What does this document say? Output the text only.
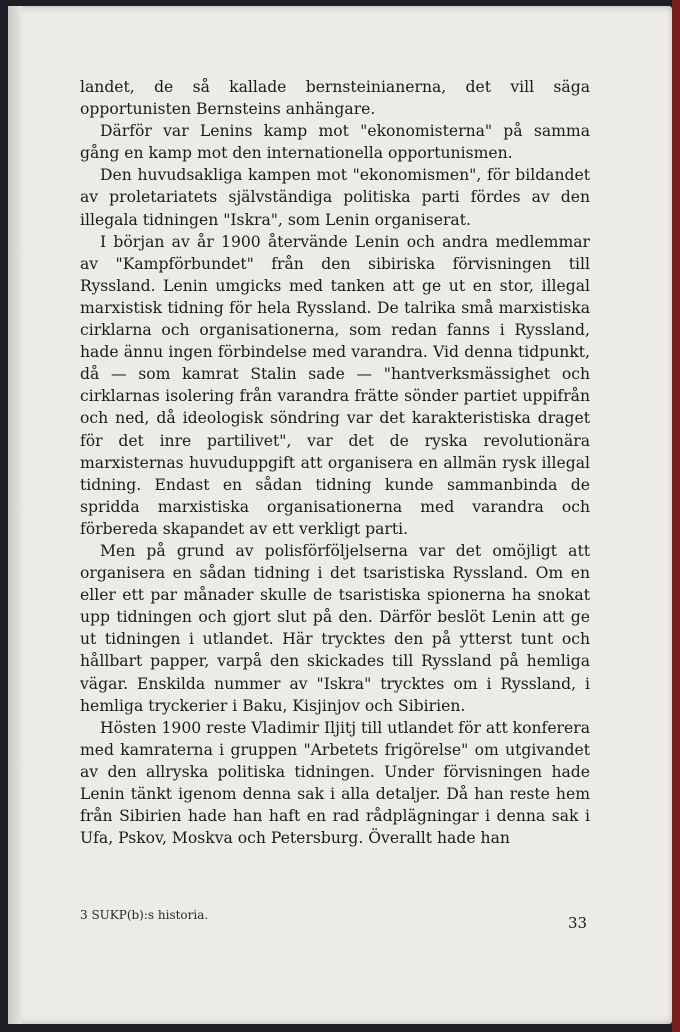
landet, de så kallade bernsteinianerna, det vill säga opportunisten Bernsteins anhängare.

Därför var Lenins kamp mot "ekonomisterna" på samma gång en kamp mot den internationella opportunismen.

Den huvudsakliga kampen mot "ekonomismen", för bildandet av proletariatets självständiga politiska parti fördes av den illegala tidningen "Iskra", som Lenin organiserat.

I början av år 1900 återvände Lenin och andra medlemmar av "Kampförbundet" från den sibiriska förvisningen till Ryssland. Lenin umgicks med tanken att ge ut en stor, illegal marxistisk tidning för hela Ryssland. De talrika små marxistiska cirklarna och organisationerna, som redan fanns i Ryssland, hade ännu ingen förbindelse med varandra. Vid denna tidpunkt, då — som kamrat Stalin sade — "hantverksmässighet och cirklarnas isolering från varandra frätte sönder partiet uppifrån och ned, då ideologisk söndring var det karakteristiska draget för det inre partilivet", var det de ryska revolutionära marxisternas huvuduppgift att organisera en allmän rysk illegal tidning. Endast en sådan tidning kunde sammanbinda de spridda marxistiska organisationerna med varandra och förbereda skapandet av ett verkligt parti.

Men på grund av polisförföljelserna var det omöjligt att organisera en sådan tidning i det tsaristiska Ryssland. Om en eller ett par månader skulle de tsaristiska spionerna ha snokat upp tidningen och gjort slut på den. Därför beslöt Lenin att ge ut tidningen i utlandet. Här trycktes den på ytterst tunt och hållbart papper, varpå den skickades till Ryssland på hemliga vägar. Enskilda nummer av "Iskra" trycktes om i Ryssland, i hemliga tryckerier i Baku, Kisjinjov och Sibirien.

Hösten 1900 reste Vladimir Iljitj till utlandet för att konferera med kamraterna i gruppen "Arbetets frigörelse" om utgivandet av den allryska politiska tidningen. Under förvisningen hade Lenin tänkt igenom denna sak i alla detaljer. Då han reste hem från Sibirien hade han haft en rad rådplägningar i denna sak i Ufa, Pskov, Moskva och Petersburg. Överallt hade han

3 SUKP(b):s historia.	33
